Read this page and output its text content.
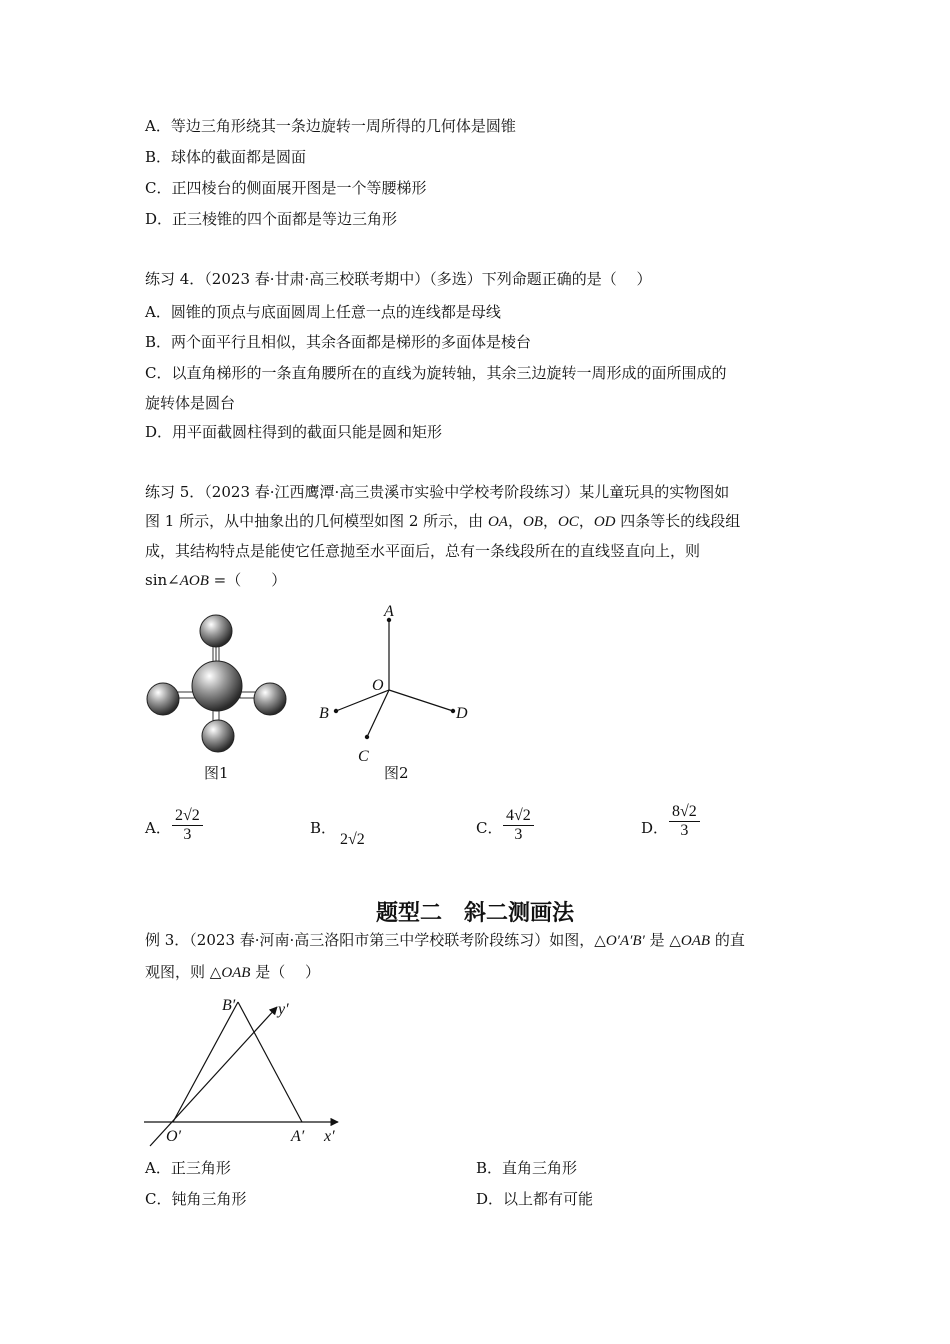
A．等边三角形绕其一条边旋转一周所得的几何体是圆锥
B．球体的截面都是圆面
C．正四棱台的侧面展开图是一个等腰梯形
D．正三棱锥的四个面都是等边三角形
练习 4．（2023 春·甘肃·高三校联考期中）（多选）下列命题正确的是（　 ）
A．圆锥的顶点与底面圆周上任意一点的连线都是母线
B．两个面平行且相似，其余各面都是梯形的多面体是棱台
C．以直角梯形的一条直角腰所在的直线为旋转轴，其余三边旋转一周形成的面所围成的
旋转体是圆台
D．用平面截圆柱得到的截面只能是圆和矩形
练习 5．（2023 春·江西鹰潭·高三贵溪市实验中学校考阶段练习）某儿童玩具的实物图如
图 1 所示，从中抽象出的几何模型如图 2 所示，由 OA，OB，OC，OD 四条等长的线段组
成，其结构特点是能使它任意抛至水平面后，总有一条线段所在的直线竖直向上，则
sin∠AOB =（　　）
图1
A
O
B	D
C
图2
A． $\frac{2√2}{3}$	B．
2√2
C． $\frac{4√2}{3}$	D． $\frac{8√2}{3}$
题型二　斜二测画法
例 3．（2023 春·河南·高三洛阳市第三中学校联考阶段练习）如图，△O′A′B′ 是 △OAB 的直
观图，则 △OAB 是（　 ）
B′	y′
O′	A′ x′
A．正三角形	B．直角三角形
C．钝角三角形	D．以上都有可能
